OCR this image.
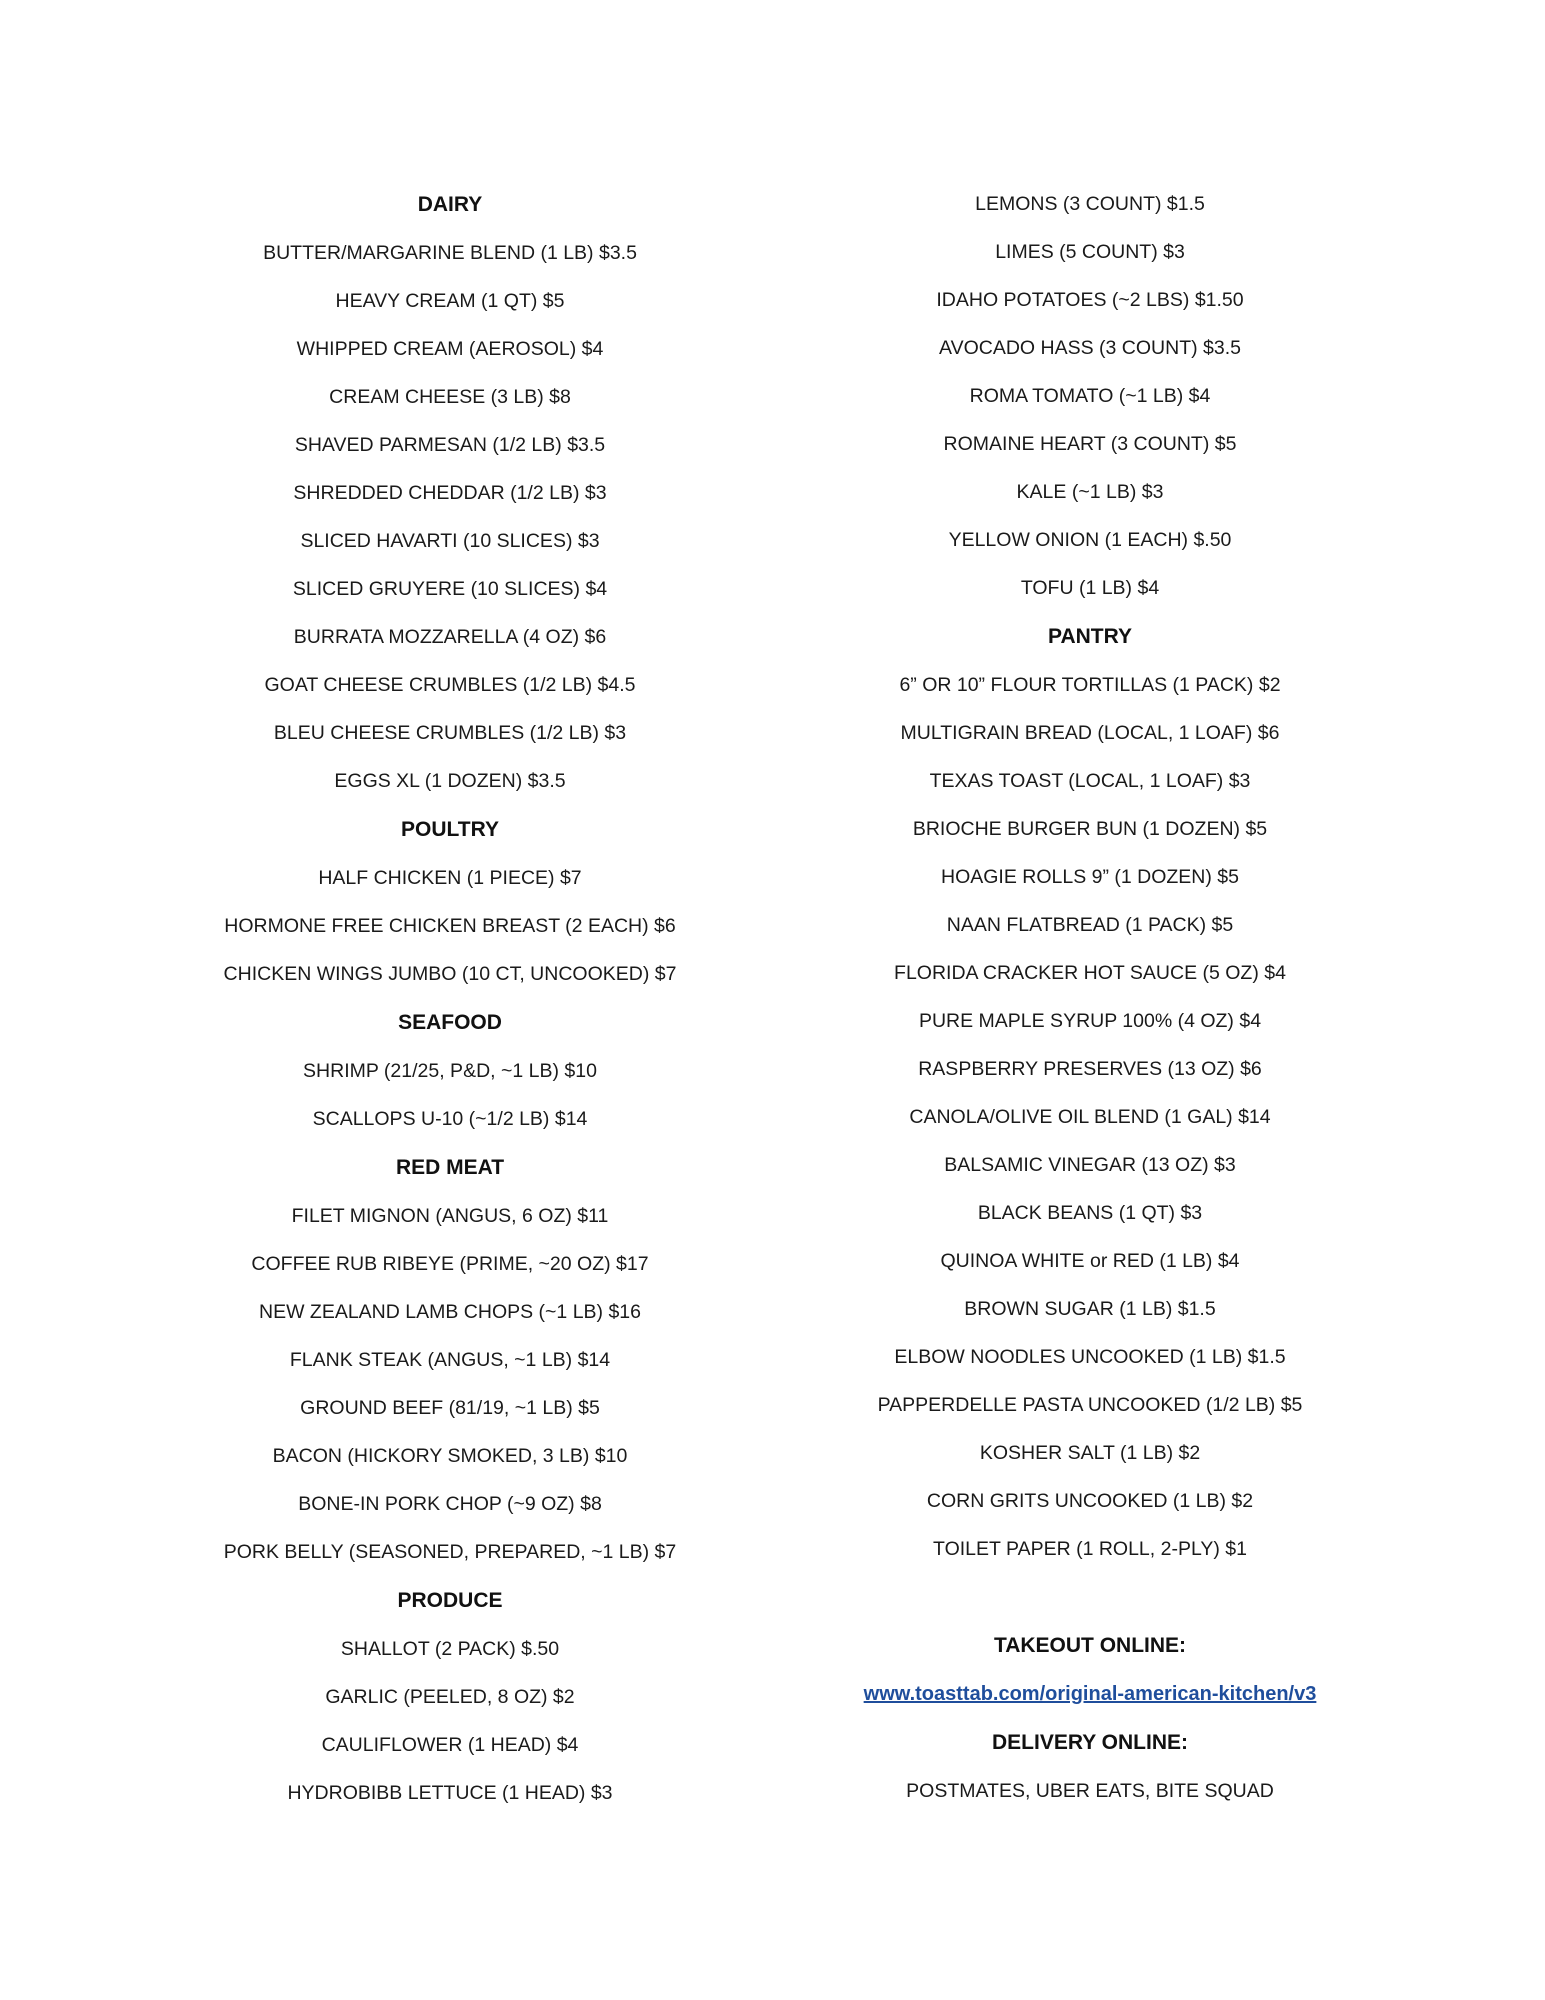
DAIRY
BUTTER/MARGARINE BLEND (1 LB) $3.5
HEAVY CREAM (1 QT) $5
WHIPPED CREAM (AEROSOL) $4
CREAM CHEESE (3 LB) $8
SHAVED PARMESAN (1/2 LB) $3.5
SHREDDED CHEDDAR (1/2 LB) $3
SLICED HAVARTI (10 SLICES) $3
SLICED GRUYERE (10 SLICES) $4
BURRATA MOZZARELLA (4 OZ) $6
GOAT CHEESE CRUMBLES (1/2 LB) $4.5
BLEU CHEESE CRUMBLES (1/2 LB) $3
EGGS XL (1 DOZEN) $3.5
POULTRY
HALF CHICKEN (1 PIECE) $7
HORMONE FREE CHICKEN BREAST (2 EACH) $6
CHICKEN WINGS JUMBO (10 CT, UNCOOKED) $7
SEAFOOD
SHRIMP (21/25, P&D, ~1 LB) $10
SCALLOPS U-10 (~1/2 LB) $14
RED MEAT
FILET MIGNON (ANGUS, 6 OZ) $11
COFFEE RUB RIBEYE (PRIME, ~20 OZ) $17
NEW ZEALAND LAMB CHOPS (~1 LB) $16
FLANK STEAK (ANGUS, ~1 LB) $14
GROUND BEEF (81/19, ~1 LB) $5
BACON (HICKORY SMOKED, 3 LB) $10
BONE-IN PORK CHOP (~9 OZ) $8
PORK BELLY (SEASONED, PREPARED, ~1 LB) $7
PRODUCE
SHALLOT (2 PACK) $.50
GARLIC (PEELED, 8 OZ) $2
CAULIFLOWER (1 HEAD) $4
HYDROBIBB LETTUCE (1 HEAD) $3
LEMONS (3 COUNT) $1.5
LIMES (5 COUNT) $3
IDAHO POTATOES (~2 LBS) $1.50
AVOCADO HASS (3 COUNT) $3.5
ROMA TOMATO (~1 LB) $4
ROMAINE HEART (3 COUNT) $5
KALE (~1 LB) $3
YELLOW ONION (1 EACH) $.50
TOFU (1 LB) $4
PANTRY
6” OR 10” FLOUR TORTILLAS (1 PACK) $2
MULTIGRAIN BREAD (LOCAL, 1 LOAF) $6
TEXAS TOAST (LOCAL, 1 LOAF) $3
BRIOCHE BURGER BUN (1 DOZEN) $5
HOAGIE ROLLS 9” (1 DOZEN) $5
NAAN FLATBREAD (1 PACK) $5
FLORIDA CRACKER HOT SAUCE (5 OZ) $4
PURE MAPLE SYRUP 100% (4 OZ) $4
RASPBERRY PRESERVES (13 OZ) $6
CANOLA/OLIVE OIL BLEND (1 GAL) $14
BALSAMIC VINEGAR (13 OZ) $3
BLACK BEANS (1 QT) $3
QUINOA WHITE or RED (1 LB) $4
BROWN SUGAR (1 LB) $1.5
ELBOW NOODLES UNCOOKED (1 LB) $1.5
PAPPERDELLE PASTA UNCOOKED (1/2 LB) $5
KOSHER SALT (1 LB) $2
CORN GRITS UNCOOKED (1 LB) $2
TOILET PAPER (1 ROLL, 2-PLY) $1
TAKEOUT ONLINE:
www.toasttab.com/original-american-kitchen/v3
DELIVERY ONLINE:
POSTMATES, UBER EATS, BITE SQUAD
